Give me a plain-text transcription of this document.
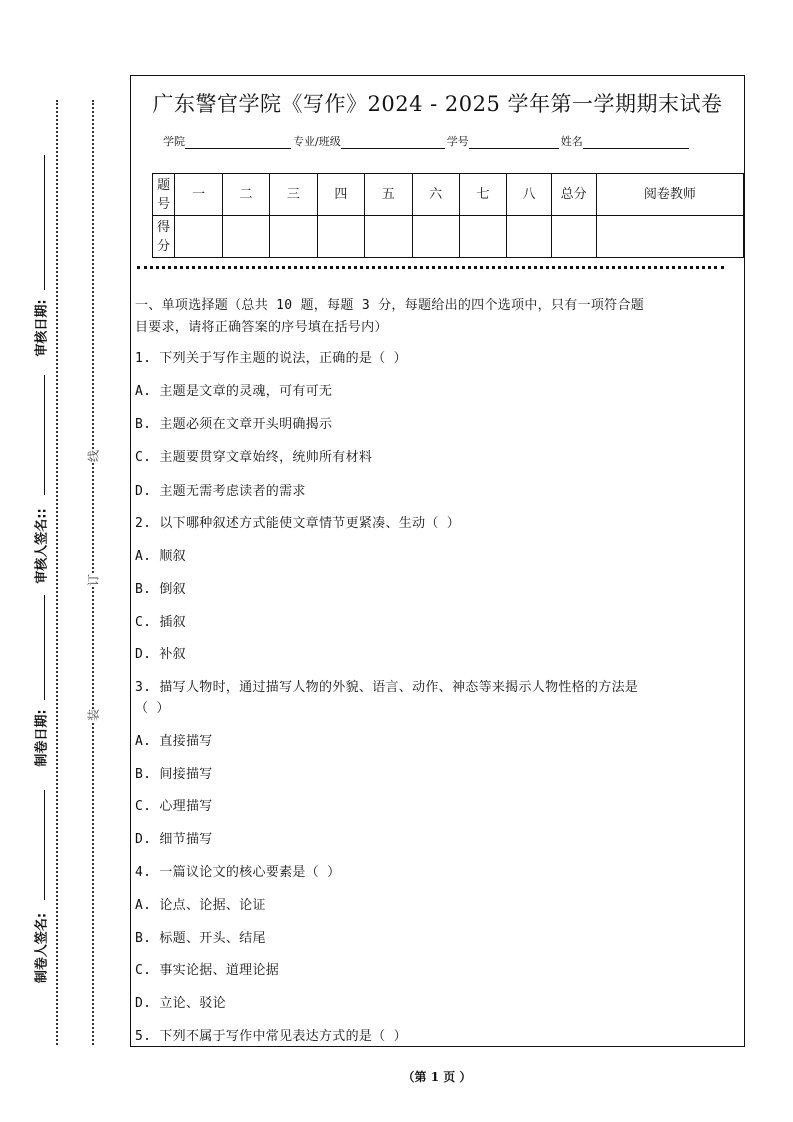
审核日期:
审核人签名::
制卷日期:
制卷人签名:
线
订
装
广东警官学院《写作》2024 - 2025 学年第一学期期末试卷
学院	专业/班级	学号	姓名
题号	一	二	三	四	五	六	七	八	总分	阅卷教师
得分										
一、单项选择题（总共 10 题，每题 3 分，每题给出的四个选项中，只有一项符合题
目要求，请将正确答案的序号填在括号内）
1. 下列关于写作主题的说法，正确的是（ ）
A. 主题是文章的灵魂，可有可无
B. 主题必须在文章开头明确揭示
C. 主题要贯穿文章始终，统帅所有材料
D. 主题无需考虑读者的需求
2. 以下哪种叙述方式能使文章情节更紧凑、生动（ ）
A. 顺叙
B. 倒叙
C. 插叙
D. 补叙
3. 描写人物时，通过描写人物的外貌、语言、动作、神态等来揭示人物性格的方法是
（ ）
A. 直接描写
B. 间接描写
C. 心理描写
D. 细节描写
4. 一篇议论文的核心要素是（ ）
A. 论点、论据、论证
B. 标题、开头、结尾
C. 事实论据、道理论据
D. 立论、驳论
5. 下列不属于写作中常见表达方式的是（ ）
（第 1 页 ）
